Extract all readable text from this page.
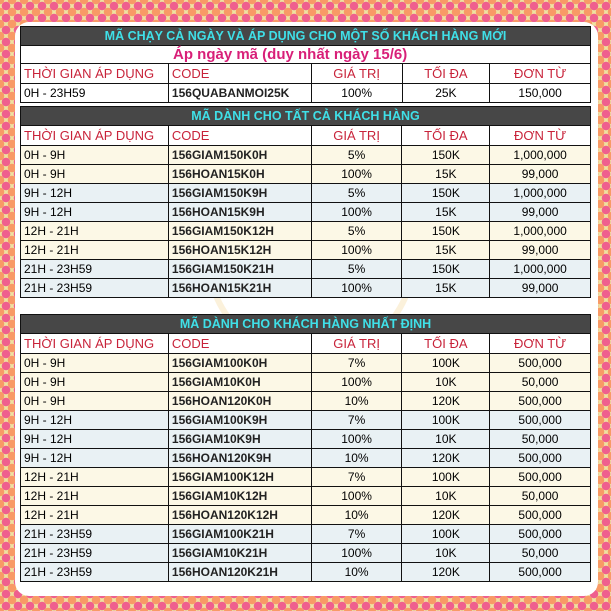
MÃ CHẠY CẢ NGÀY VÀ ÁP DỤNG CHO MỘT SỐ KHÁCH HÀNG MỚI				
Áp ngày mã (duy nhất ngày 15/6)				
THỜI GIAN ÁP DỤNG	CODE	GIÁ TRỊ	TỐI ĐA	ĐƠN TỪ
0H - 23H59	156QUABANMOI25K	100%	25K	150,000
MÃ DÀNH CHO TẤT CẢ KHÁCH HÀNG				
THỜI GIAN ÁP DỤNG	CODE	GIÁ TRỊ	TỐI ĐA	ĐƠN TỪ
0H - 9H	156GIAM150K0H	5%	150K	1,000,000
0H - 9H	156HOAN15K0H	100%	15K	99,000
9H - 12H	156GIAM150K9H	5%	150K	1,000,000
9H - 12H	156HOAN15K9H	100%	15K	99,000
12H - 21H	156GIAM150K12H	5%	150K	1,000,000
12H - 21H	156HOAN15K12H	100%	15K	99,000
21H - 23H59	156GIAM150K21H	5%	150K	1,000,000
21H - 23H59	156HOAN15K21H	100%	15K	99,000
MÃ DÀNH CHO KHÁCH HÀNG NHẤT ĐỊNH				
THỜI GIAN ÁP DỤNG	CODE	GIÁ TRỊ	TỐI ĐA	ĐƠN TỪ
0H - 9H	156GIAM100K0H	7%	100K	500,000
0H - 9H	156GIAM10K0H	100%	10K	50,000
0H - 9H	156HOAN120K0H	10%	120K	500,000
9H - 12H	156GIAM100K9H	7%	100K	500,000
9H - 12H	156GIAM10K9H	100%	10K	50,000
9H - 12H	156HOAN120K9H	10%	120K	500,000
12H - 21H	156GIAM100K12H	7%	100K	500,000
12H - 21H	156GIAM10K12H	100%	10K	50,000
12H - 21H	156HOAN120K12H	10%	120K	500,000
21H - 23H59	156GIAM100K21H	7%	100K	500,000
21H - 23H59	156GIAM10K21H	100%	10K	50,000
21H - 23H59	156HOAN120K21H	10%	120K	500,000
